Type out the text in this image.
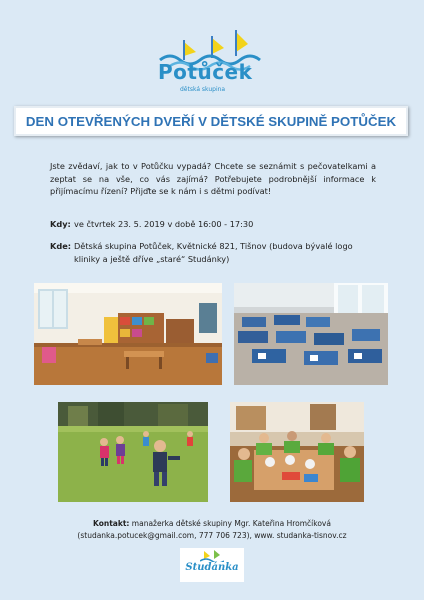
Potůček
dětská skupina
DEN OTEVŘENÝCH DVEŘÍ V DĚTSKÉ SKUPINĚ POTŮČEK
Jste zvědaví, jak to v Potůčku vypadá? Chcete se seznámit s pečovatelkami a zeptat se na vše, co vás zajímá? Potřebujete podrobnější informace k přijímacímu řízení? Přijďte se k nám i s dětmi podívat!
Kdy: ve čtvrtek 23. 5. 2019 v době 16:00 - 17:30
Kde: Dětská skupina Potůček, Květnické 821, Tišnov (budova bývalé logo kliniky a ještě dříve „staré“ Studánky)
Kontakt: manažerka dětské skupiny Mgr. Kateřina Hromčíková
(studanka.potucek@gmail.com, 777 706 723), www. studanka-tisnov.cz
Studánka
